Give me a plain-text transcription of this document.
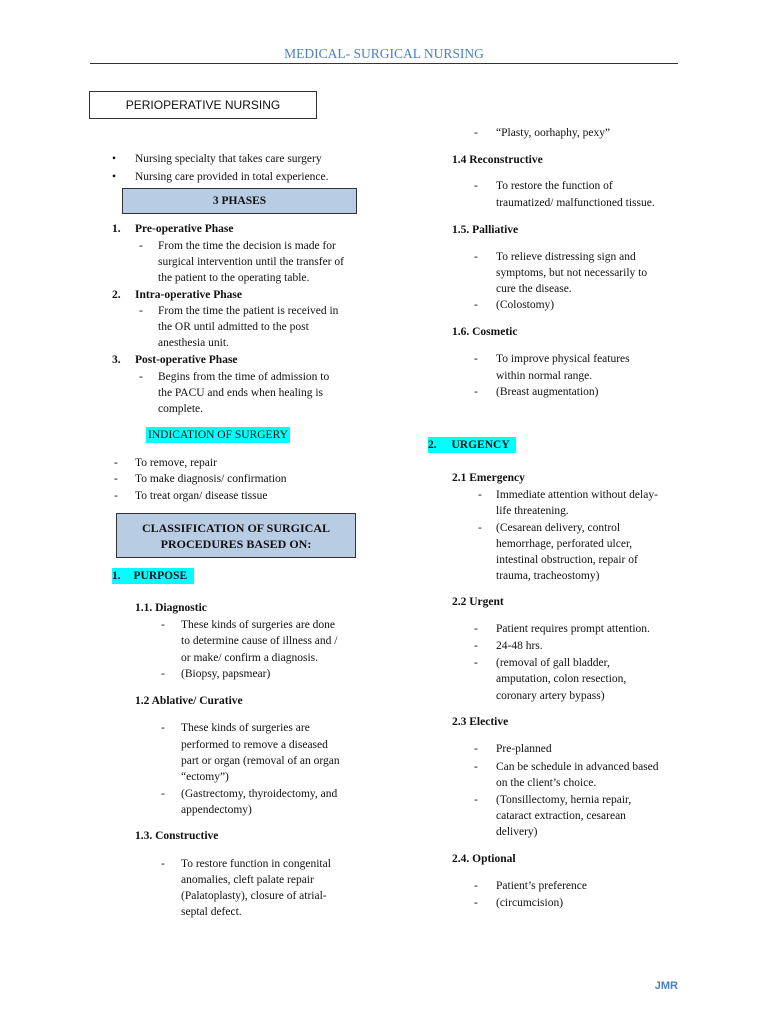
MEDICAL- SURGICAL NURSING
PERIOPERATIVE NURSING
• Nursing specialty that takes care surgery
• Nursing care provided in total experience.
3 PHASES
1. Pre-operative Phase
- From the time the decision is made for
surgical intervention until the transfer of
the patient to the operating table.
2. Intra-operative Phase
- From the time the patient is received in
the OR until admitted to the post
anesthesia unit.
3. Post-operative Phase
- Begins from the time of admission to
the PACU and ends when healing is
complete.
INDICATION OF SURGERY
- To remove, repair
- To make diagnosis/ confirmation
- To treat organ/ disease tissue
CLASSIFICATION OF SURGICAL
PROCEDURES BASED ON:
1. PURPOSE
1.1. Diagnostic
- These kinds of surgeries are done
to determine cause of illness and /
or make/ confirm a diagnosis.
- (Biopsy, papsmear)
1.2 Ablative/ Curative
- These kinds of surgeries are
performed to remove a diseased
part or organ (removal of an organ
“ectomy”)
- (Gastrectomy, thyroidectomy, and
appendectomy)
1.3. Constructive
- To restore function in congenital
anomalies, cleft palate repair
(Palatoplasty), closure of atrial-
septal defect.
- “Plasty, oorhaphy, pexy”
1.4 Reconstructive
- To restore the function of
traumatized/ malfunctioned tissue.
1.5. Palliative
- To relieve distressing sign and
symptoms, but not necessarily to
cure the disease.
- (Colostomy)
1.6. Cosmetic
- To improve physical features
within normal range.
- (Breast augmentation)
2. URGENCY
2.1 Emergency
- Immediate attention without delay-
life threatening.
- (Cesarean delivery, control
hemorrhage, perforated ulcer,
intestinal obstruction, repair of
trauma, tracheostomy)
2.2 Urgent
- Patient requires prompt attention.
- 24-48 hrs.
- (removal of gall bladder,
amputation, colon resection,
coronary artery bypass)
2.3 Elective
- Pre-planned
- Can be schedule in advanced based
on the client’s choice.
- (Tonsillectomy, hernia repair,
cataract extraction, cesarean
delivery)
2.4. Optional
- Patient’s preference
- (circumcision)
JMR
